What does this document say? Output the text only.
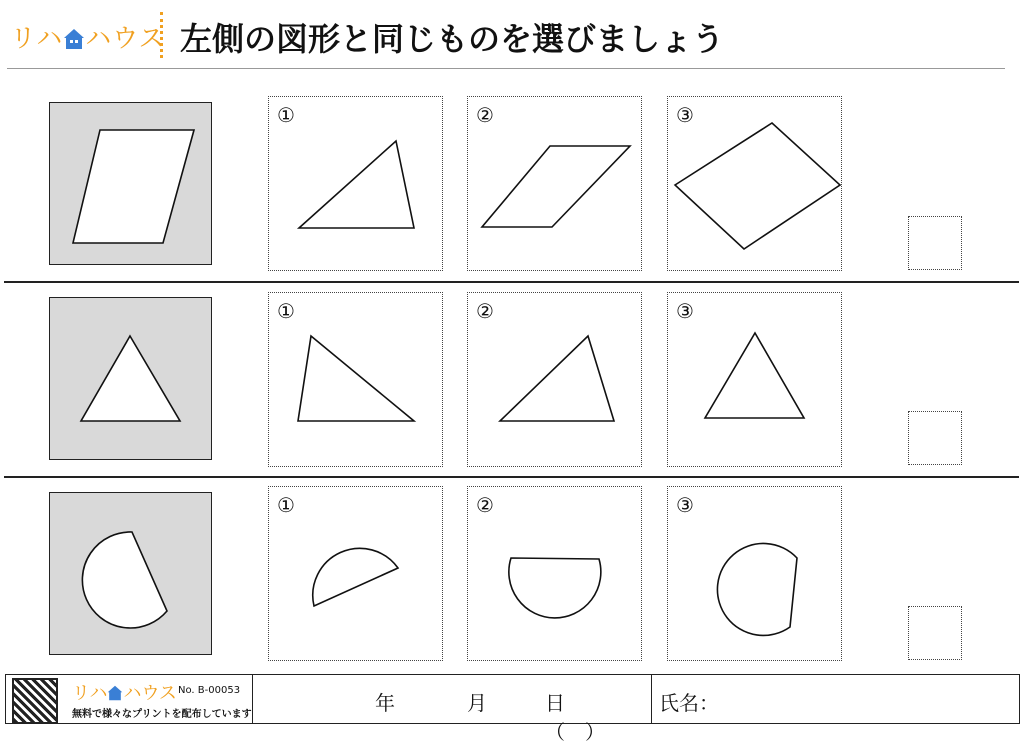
リハ ハウス 左側の図形と同じものを選びましょう
①	②	③
①	②	③
①	②	③
リハ ハウス No. B-00053
無料で様々なプリントを配布しています	年	月	日（　）
氏名：
